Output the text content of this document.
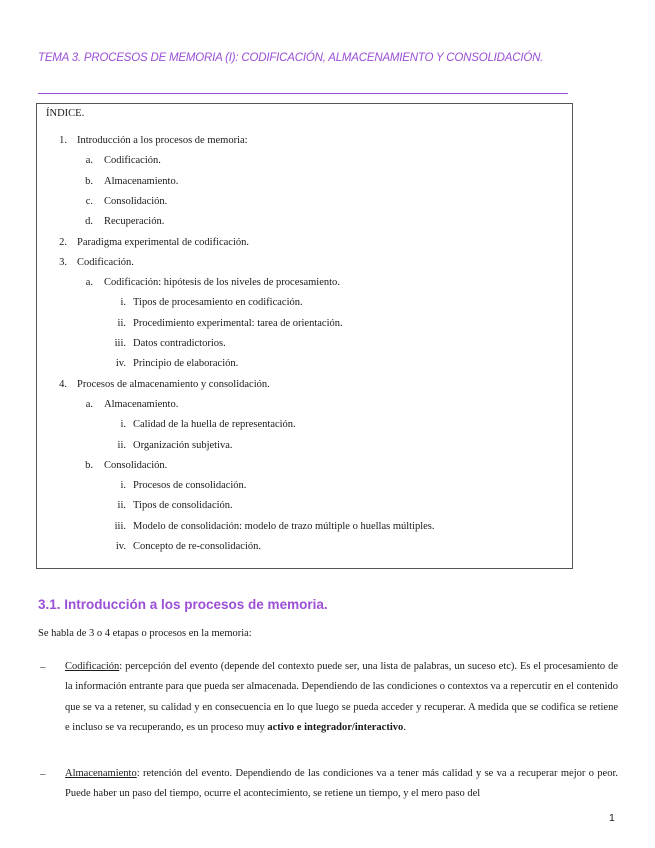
TEMA 3. PROCESOS DE MEMORIA (I): CODIFICACIÓN, ALMACENAMIENTO Y CONSOLIDACIÓN.
ÍNDICE.
1. Introducción a los procesos de memoria:
a. Codificación.
b. Almacenamiento.
c. Consolidación.
d. Recuperación.
2. Paradigma experimental de codificación.
3. Codificación.
a. Codificación: hipótesis de los niveles de procesamiento.
i. Tipos de procesamiento en codificación.
ii. Procedimiento experimental: tarea de orientación.
iii. Datos contradictorios.
iv. Principio de elaboración.
4. Procesos de almacenamiento y consolidación.
a. Almacenamiento.
i. Calidad de la huella de representación.
ii. Organización subjetiva.
b. Consolidación.
i. Procesos de consolidación.
ii. Tipos de consolidación.
iii. Modelo de consolidación: modelo de trazo múltiple o huellas múltiples.
iv. Concepto de re-consolidación.
3.1. Introducción a los procesos de memoria.
Se habla de 3 o 4 etapas o procesos en la memoria:
– Codificación: percepción del evento (depende del contexto puede ser, una lista de palabras, un suceso etc). Es el procesamiento de la información entrante para que pueda ser almacenada. Dependiendo de las condiciones o contextos va a repercutir en el contenido que se va a retener, su calidad y en consecuencia en lo que luego se pueda acceder y recuperar. A medida que se codifica se retiene e incluso se va recuperando, es un proceso muy activo e integrador/interactivo.
– Almacenamiento: retención del evento. Dependiendo de las condiciones va a tener más calidad y se va a recuperar mejor o peor. Puede haber un paso del tiempo, ocurre el acontecimiento, se retiene un tiempo, y el mero paso del
1
